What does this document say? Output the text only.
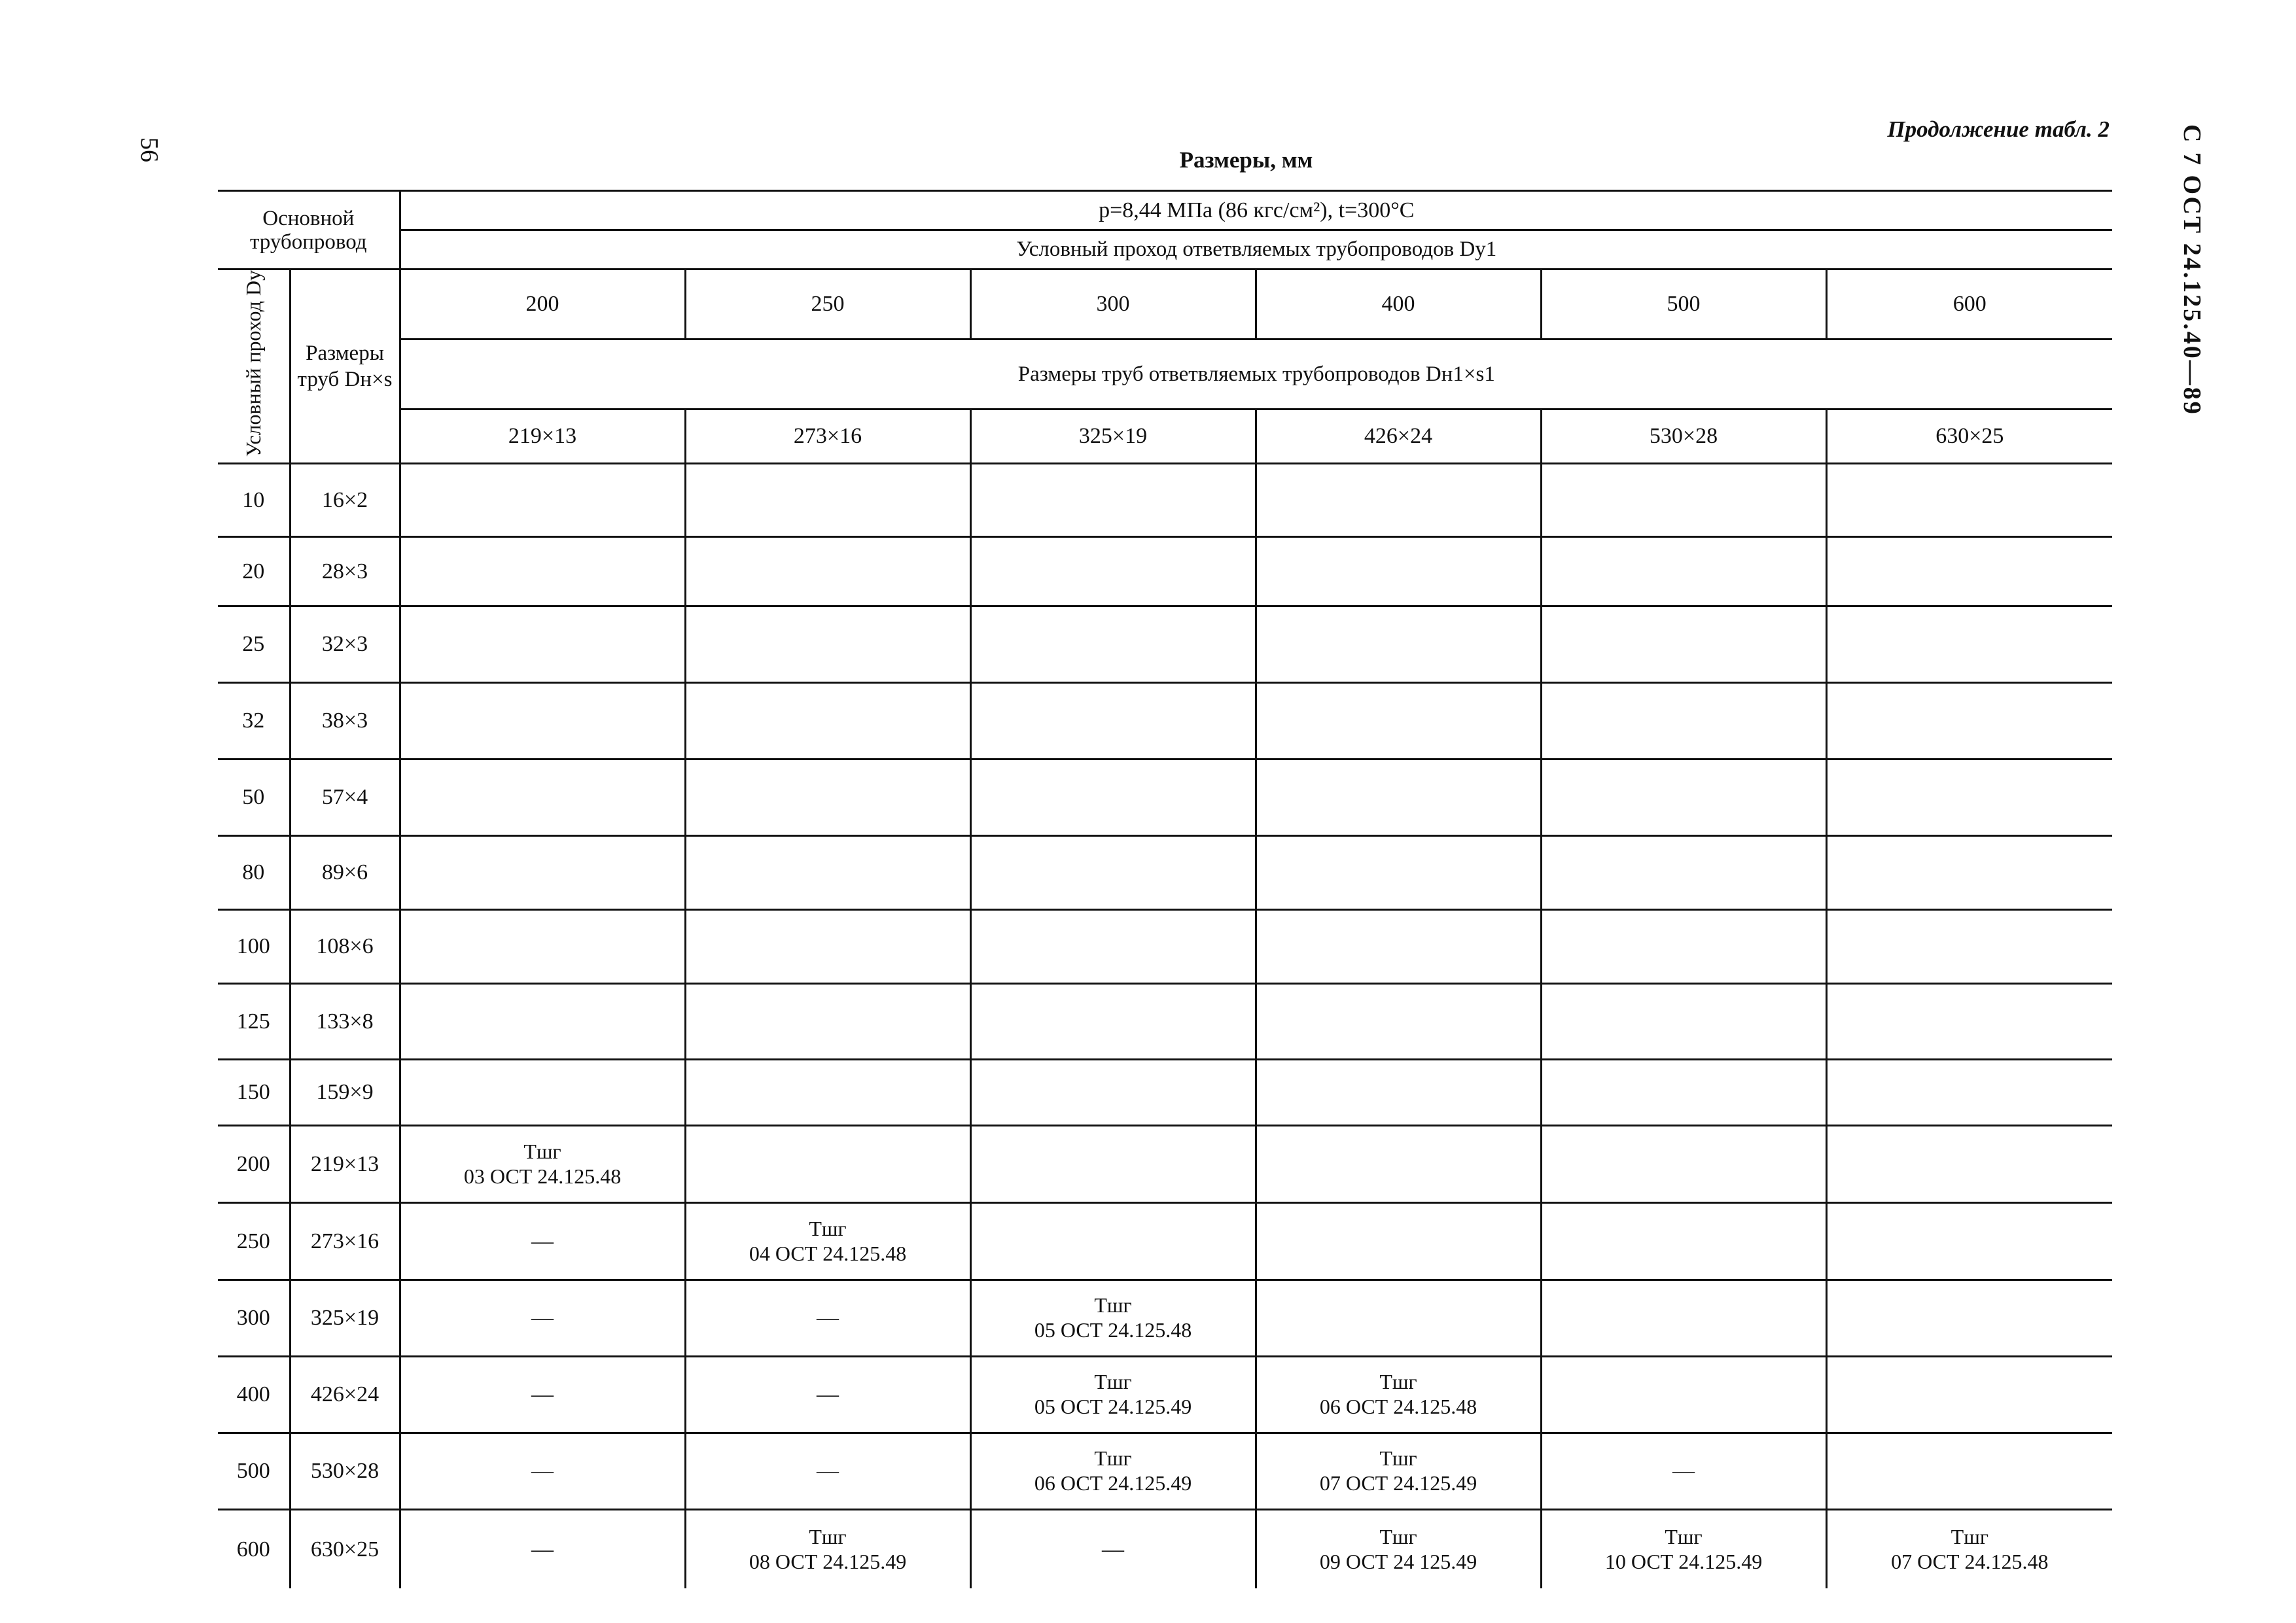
56
Продолжение табл. 2	С 7 ОСТ 24.125.40—89
Размеры, мм
Основной трубопровод		p=8,44 МПа (86 кгс/см²), t=300°С					
		Условный проход ответвляемых трубопроводов Dу1					
Условный проход Dу	Размеры труб Dн×s	200	250	300	400	500	600
		Размеры труб ответвляемых трубопроводов Dн1×s1					
		219×13	273×16	325×19	426×24	530×28	630×25
10	16×2						
20	28×3						
25	32×3						
32	38×3						
50	57×4						
80	89×6						
100	108×6						
125	133×8						
150	159×9						
200	219×13	Тшг
03 ОСТ 24.125.48					
250	273×16	—	Тшг
04 ОСТ 24.125.48				
300	325×19	—	—	Тшг
05 ОСТ 24.125.48			
400	426×24	—	—	Тшг
05 ОСТ 24.125.49	Тшг
06 ОСТ 24.125.48		
500	530×28	—	—	Тшг
06 ОСТ 24.125.49	Тшг
07 ОСТ 24.125.49	—	
600	630×25	—	Тшг
08 ОСТ 24.125.49	—	Тшг
09 ОСТ 24 125.49	Тшг
10 ОСТ 24.125.49	Тшг
07 ОСТ 24.125.48
